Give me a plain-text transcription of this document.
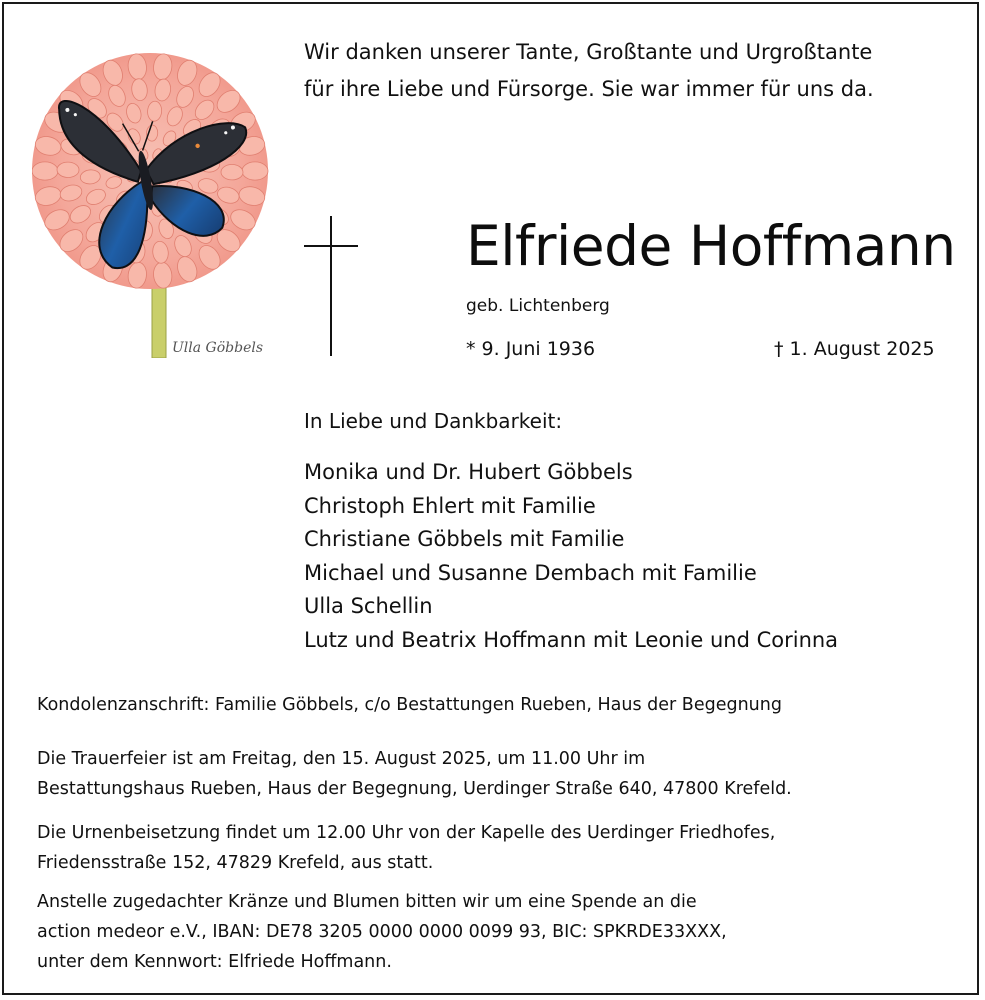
Ulla Göbbels
Wir danken unserer Tante, Großtante und Urgroßtante
für ihre Liebe und Fürsorge. Sie war immer für uns da.
Elfriede Hoffmann
geb. Lichtenberg
* 9. Juni 1936	† 1. August 2025
In Liebe und Dankbarkeit:
Monika und Dr. Hubert Göbbels
Christoph Ehlert mit Familie
Christiane Göbbels mit Familie
Michael und Susanne Dembach mit Familie
Ulla Schellin
Lutz und Beatrix Hoffmann mit Leonie und Corinna
Kondolenzanschrift: Familie Göbbels, c/o Bestattungen Rueben, Haus der Begegnung
Die Trauerfeier ist am Freitag, den 15. August 2025, um 11.00 Uhr im
Bestattungshaus Rueben, Haus der Begegnung, Uerdinger Straße 640, 47800 Krefeld.
Die Urnenbeisetzung findet um 12.00 Uhr von der Kapelle des Uerdinger Friedhofes,
Friedensstraße 152, 47829 Krefeld, aus statt.
Anstelle zugedachter Kränze und Blumen bitten wir um eine Spende an die
action medeor e.V., IBAN: DE78 3205 0000 0000 0099 93, BIC: SPKRDE33XXX,
unter dem Kennwort: Elfriede Hoffmann.
